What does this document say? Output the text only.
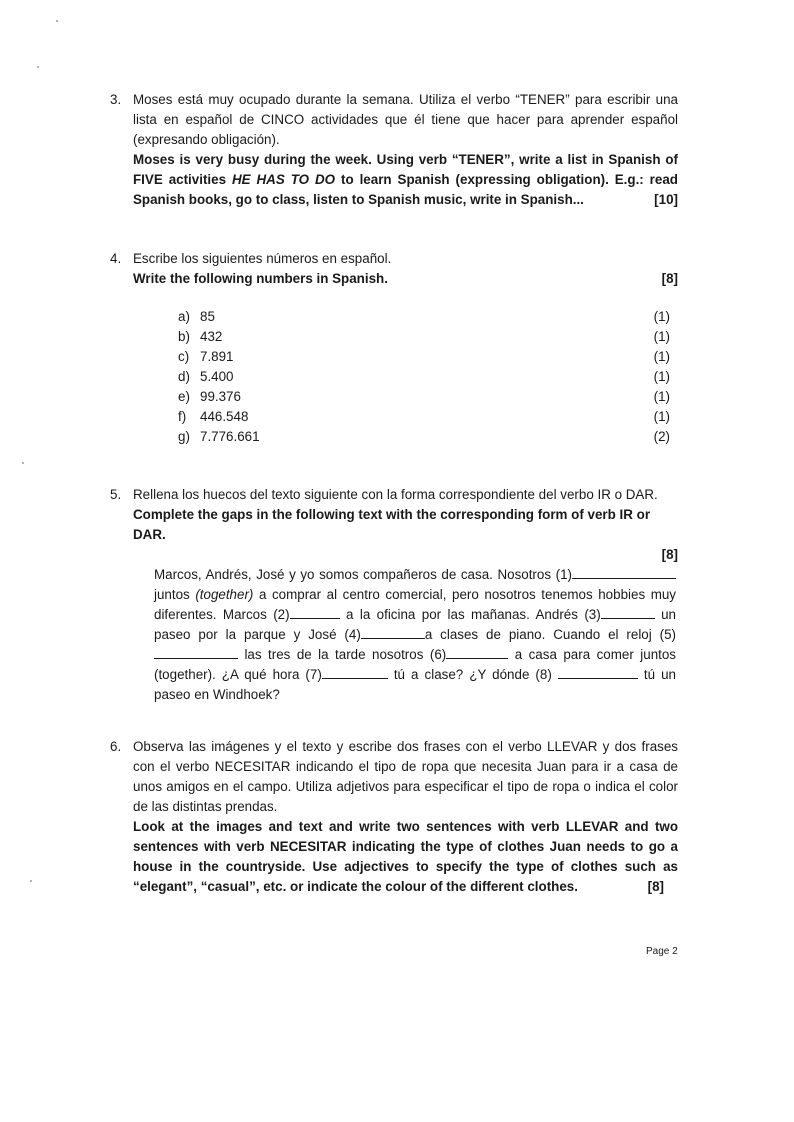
3. Moses está muy ocupado durante la semana. Utiliza el verbo “TENER” para escribir una lista en español de CINCO actividades que él tiene que hacer para aprender español (expresando obligación).
Moses is very busy during the week. Using verb “TENER”, write a list in Spanish of FIVE activities HE HAS TO DO to learn Spanish (expressing obligation). E.g.: read Spanish books, go to class, listen to Spanish music, write in Spanish...	[10]
4. Escribe los siguientes números en español.
Write the following numbers in Spanish.	[8]
a) 85	(1)
b) 432	(1)
c) 7.891	(1)
d) 5.400	(1)
e) 99.376	(1)
f)	446.548	(1)
g) 7.776.661	(2)
5. Rellena los huecos del texto siguiente con la forma correspondiente del verbo IR o DAR.
Complete the gaps in the following text with the corresponding form of verb IR or DAR.
[8]
Marcos, Andrés, José y yo somos compañeros de casa. Nosotros (1) juntos (together) a comprar al centro comercial, pero nosotros tenemos hobbies muy diferentes. Marcos (2)	a la oficina por las mañanas. Andrés (3)	un paseo por la parque y José (4)	a clases de piano. Cuando el reloj (5) las tres de la tarde nosotros (6)	a casa para comer juntos (together). ¿A qué hora (7)	tú a clase? ¿Y dónde (8)	tú un paseo en Windhoek?
6. Observa las imágenes y el texto y escribe dos frases con el verbo LLEVAR y dos frases con el verbo NECESITAR indicando el tipo de ropa que necesita Juan para ir a casa de unos amigos en el campo. Utiliza adjetivos para especificar el tipo de ropa o indica el color de las distintas prendas.
Look at the images and text and write two sentences with verb LLEVAR and two sentences with verb NECESITAR indicating the type of clothes Juan needs to go a house in the countryside. Use adjectives to specify the type of clothes such as “elegant”, “casual”, etc. or indicate the colour of the different clothes.	[8]
Page 2
